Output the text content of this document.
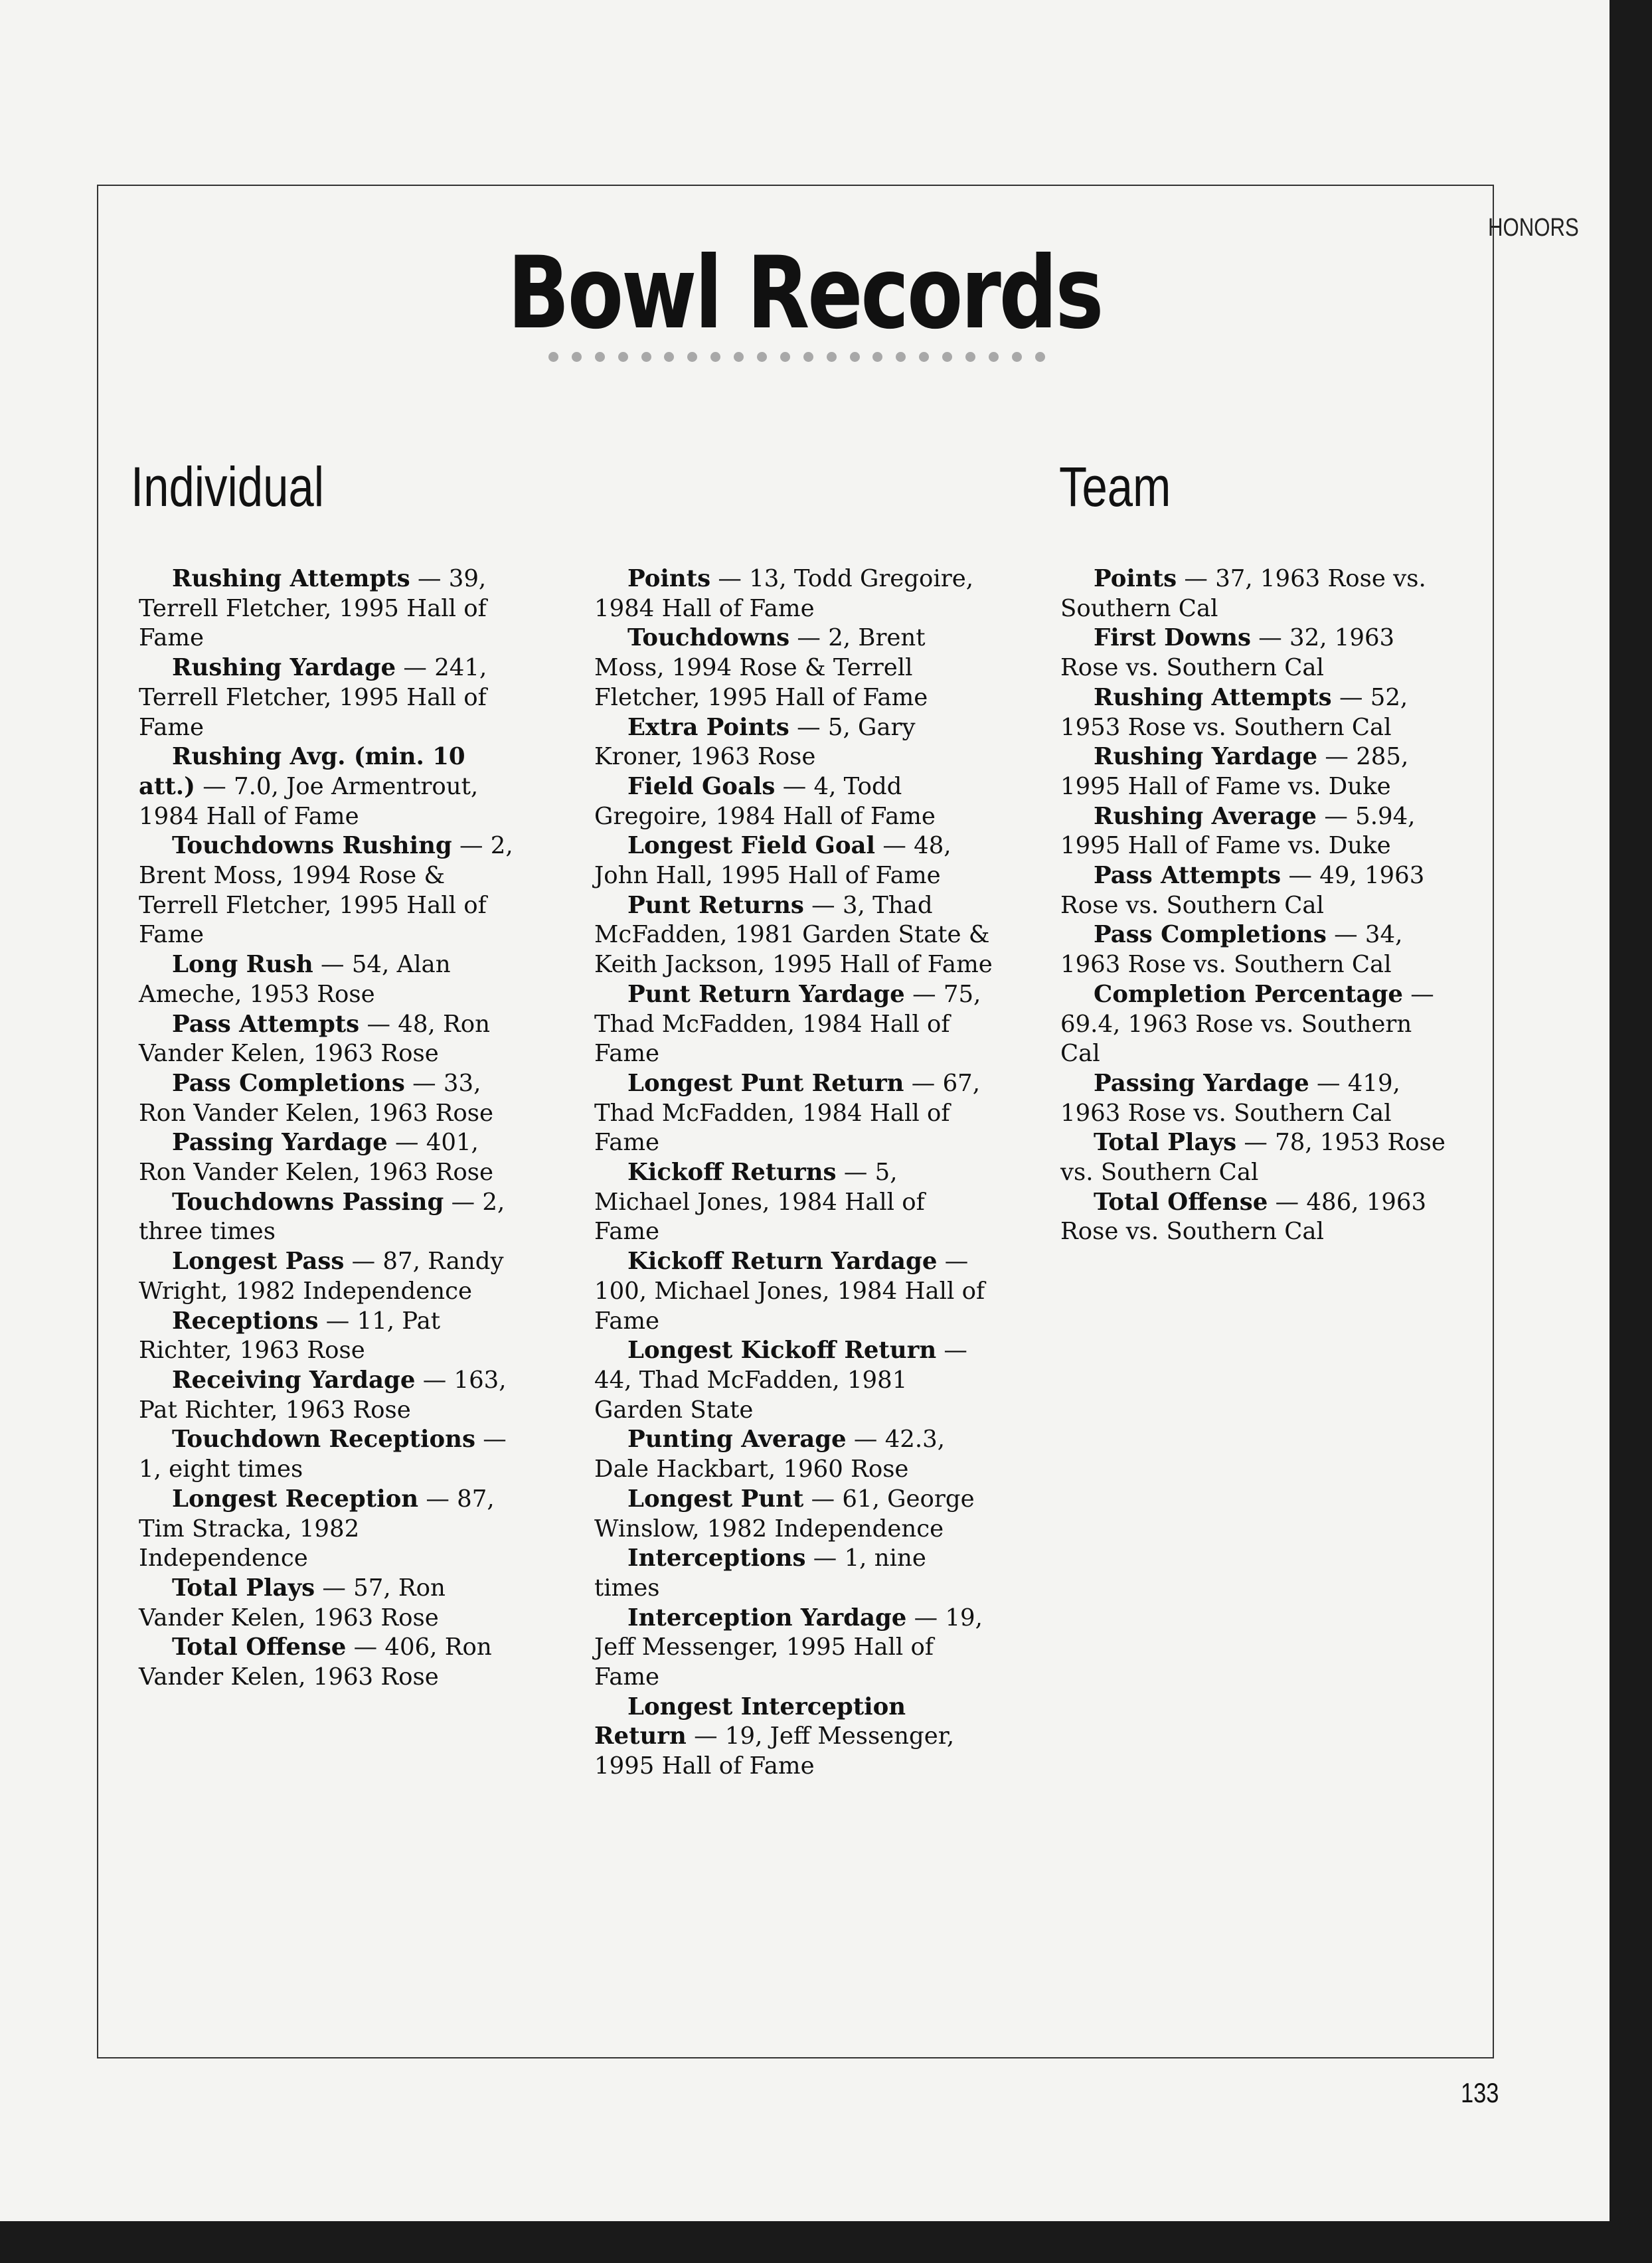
HONORS
Bowl Records
Individual	Team

Rushing Attempts — 39, Terrell Fletcher, 1995 Hall of Fame

Rushing Yardage — 241, Terrell Fletcher, 1995 Hall of Fame

Rushing Avg. (min. 10 att.) — 7.0, Joe Armentrout, 1984 Hall of Fame

Touchdowns Rushing — 2, Brent Moss, 1994 Rose & Terrell Fletcher, 1995 Hall of Fame

Long Rush — 54, Alan Ameche, 1953 Rose

Pass Attempts — 48, Ron Vander Kelen, 1963 Rose

Pass Completions — 33, Ron Vander Kelen, 1963 Rose

Passing Yardage — 401, Ron Vander Kelen, 1963 Rose

Touchdowns Passing — 2, three times

Longest Pass — 87, Randy Wright, 1982 Independence

Receptions — 11, Pat Richter, 1963 Rose

Receiving Yardage — 163, Pat Richter, 1963 Rose

Touchdown Receptions — 1, eight times

Longest Reception — 87, Tim Stracka, 1982 Independence

Total Plays — 57, Ron Vander Kelen, 1963 Rose

Total Offense — 406, Ron Vander Kelen, 1963 Rose

Points — 13, Todd Gregoire, 1984 Hall of Fame

Touchdowns — 2, Brent Moss, 1994 Rose & Terrell Fletcher, 1995 Hall of Fame

Extra Points — 5, Gary Kroner, 1963 Rose

Field Goals — 4, Todd Gregoire, 1984 Hall of Fame

Longest Field Goal — 48, John Hall, 1995 Hall of Fame

Punt Returns — 3, Thad McFadden, 1981 Garden State & Keith Jackson, 1995 Hall of Fame

Punt Return Yardage — 75, Thad McFadden, 1984 Hall of Fame

Longest Punt Return — 67, Thad McFadden, 1984 Hall of Fame

Kickoff Returns — 5, Michael Jones, 1984 Hall of Fame

Kickoff Return Yardage — 100, Michael Jones, 1984 Hall of Fame

Longest Kickoff Return — 44, Thad McFadden, 1981 Garden State

Punting Average — 42.3, Dale Hackbart, 1960 Rose

Longest Punt — 61, George Winslow, 1982 Independence

Interceptions — 1, nine times

Interception Yardage — 19, Jeff Messenger, 1995 Hall of Fame

Longest Interception Return — 19, Jeff Messenger, 1995 Hall of Fame

Points — 37, 1963 Rose vs. Southern Cal

First Downs — 32, 1963 Rose vs. Southern Cal

Rushing Attempts — 52, 1953 Rose vs. Southern Cal

Rushing Yardage — 285, 1995 Hall of Fame vs. Duke

Rushing Average — 5.94, 1995 Hall of Fame vs. Duke

Pass Attempts — 49, 1963 Rose vs. Southern Cal

Pass Completions — 34, 1963 Rose vs. Southern Cal

Completion Percentage — 69.4, 1963 Rose vs. Southern Cal

Passing Yardage — 419, 1963 Rose vs. Southern Cal

Total Plays — 78, 1953 Rose vs. Southern Cal

Total Offense — 486, 1963 Rose vs. Southern Cal

133
